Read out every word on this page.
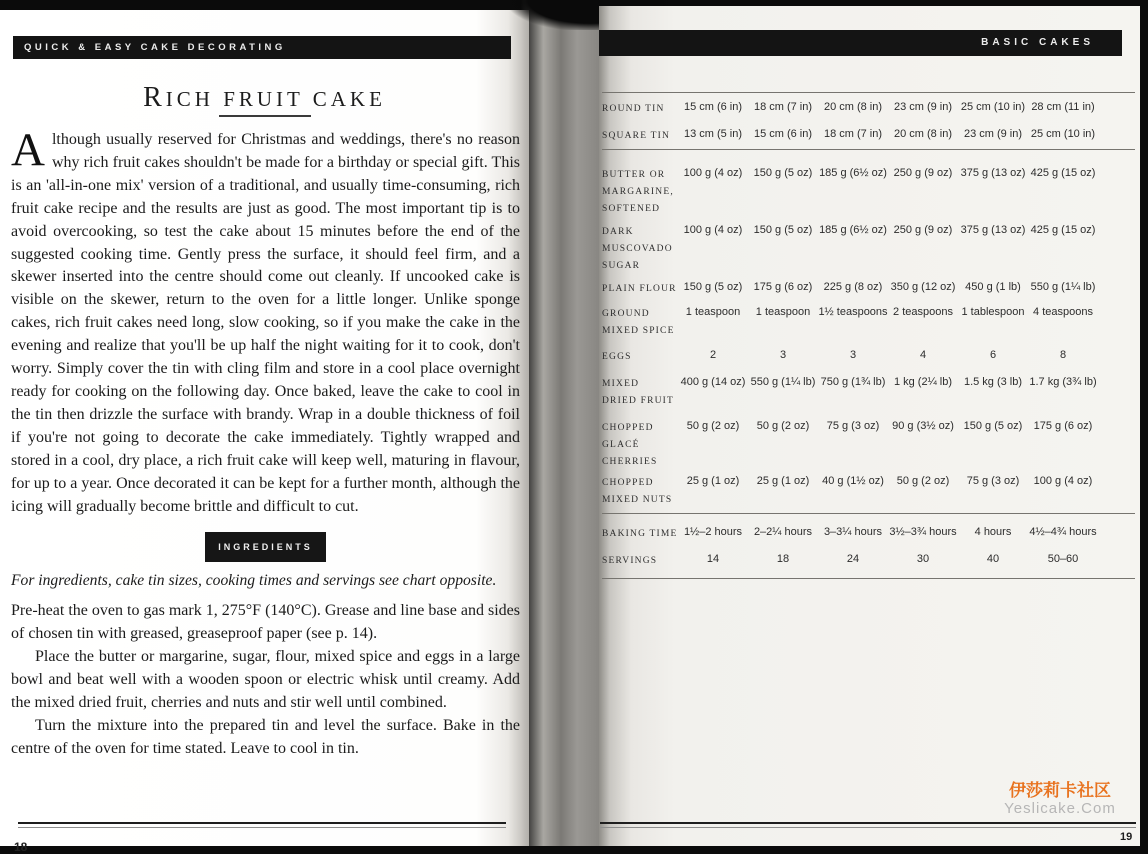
QUICK & EASY CAKE DECORATING
RICH FRUIT CAKE

Although usually reserved for Christmas and weddings, there's no reason why rich fruit cakes shouldn't be made for a birthday or special gift. This is an 'all-in-one mix' version of a traditional, and usually time-consuming, rich fruit cake recipe and the results are just as good. The most important tip is to avoid overcooking, so test the cake about 15 minutes before the end of the suggested cooking time. Gently press the surface, it should feel firm, and a skewer inserted into the centre should come out cleanly. If uncooked cake is visible on the skewer, return to the oven for a little longer. Unlike sponge cakes, rich fruit cakes need long, slow cooking, so if you make the cake in the evening and realize that you'll be up half the night waiting for it to cook, don't worry. Simply cover the tin with cling film and store in a cool place overnight ready for cooking on the following day. Once baked, leave the cake to cool in the tin then drizzle the surface with brandy. Wrap in a double thickness of foil if you're not going to decorate the cake immediately. Tightly wrapped and stored in a cool, dry place, a rich fruit cake will keep well, maturing in flavour, for up to a year. Once decorated it can be kept for a further month, although the icing will gradually become brittle and difficult to cut.

INGREDIENTS

For ingredients, cake tin sizes, cooking times and servings see chart opposite.

Pre-heat the oven to gas mark 1, 275°F (140°C). Grease and line base and sides of chosen tin with greased, greaseproof paper (see p. 14).

Place the butter or margarine, sugar, flour, mixed spice and eggs in a large bowl and beat well with a wooden spoon or electric whisk until creamy. Add the mixed dried fruit, cherries and nuts and stir well until combined.

Turn the mixture into the prepared tin and level the surface. Bake in the centre of the oven for time stated. Leave to cool in tin.

18
BASIC CAKES
ROUND TIN	15 cm (6 in)	18 cm (7 in)	20 cm (8 in)	23 cm (9 in) 25 cm (10 in) 28 cm (11 in)
SQUARE TIN	13 cm (5 in)	15 cm (6 in)	18 cm (7 in)	20 cm (8 in)	23 cm (9 in) 25 cm (10 in)
BUTTER OR
MARGARINE,
SOFTENED
100 g (4 oz)	150 g (5 oz) 185 g (6½ oz) 250 g (9 oz) 375 g (13 oz) 425 g (15 oz)
DARK
MUSCOVADO
SUGAR
100 g (4 oz)	150 g (5 oz) 185 g (6½ oz) 250 g (9 oz) 375 g (13 oz) 425 g (15 oz)
PLAIN FLOUR 150 g (5 oz)	175 g (6 oz)	225 g (8 oz) 350 g (12 oz) 450 g (1 lb) 550 g (1¼ lb)
GROUND
MIXED SPICE
1 teaspoon	1 teaspoon 1½ teaspoons 2 teaspoons 1 tablespoon 4 teaspoons
EGGS	2	3	3	4	6	8
MIXED
DRIED FRUIT
400 g (14 oz) 550 g (1¼ lb) 750 g (1¾ lb) 1 kg (2¼ lb)	1.5 kg (3 lb) 1.7 kg (3¾ lb)
CHOPPED
GLACÉ
CHERRIES
50 g (2 oz)	50 g (2 oz)	75 g (3 oz)	90 g (3½ oz) 150 g (5 oz)	175 g (6 oz)
CHOPPED
MIXED NUTS
25 g (1 oz)	25 g (1 oz)	40 g (1½ oz)	50 g (2 oz)	75 g (3 oz)	100 g (4 oz)
BAKING TIME 1½–2 hours	2–2¼ hours	3–3¼ hours 3½–3¾ hours	4 hours	4½–4¾ hours
SERVINGS	14	18	24	30	40	50–60
19
伊莎莉卡社区
Yeslicake.Com
